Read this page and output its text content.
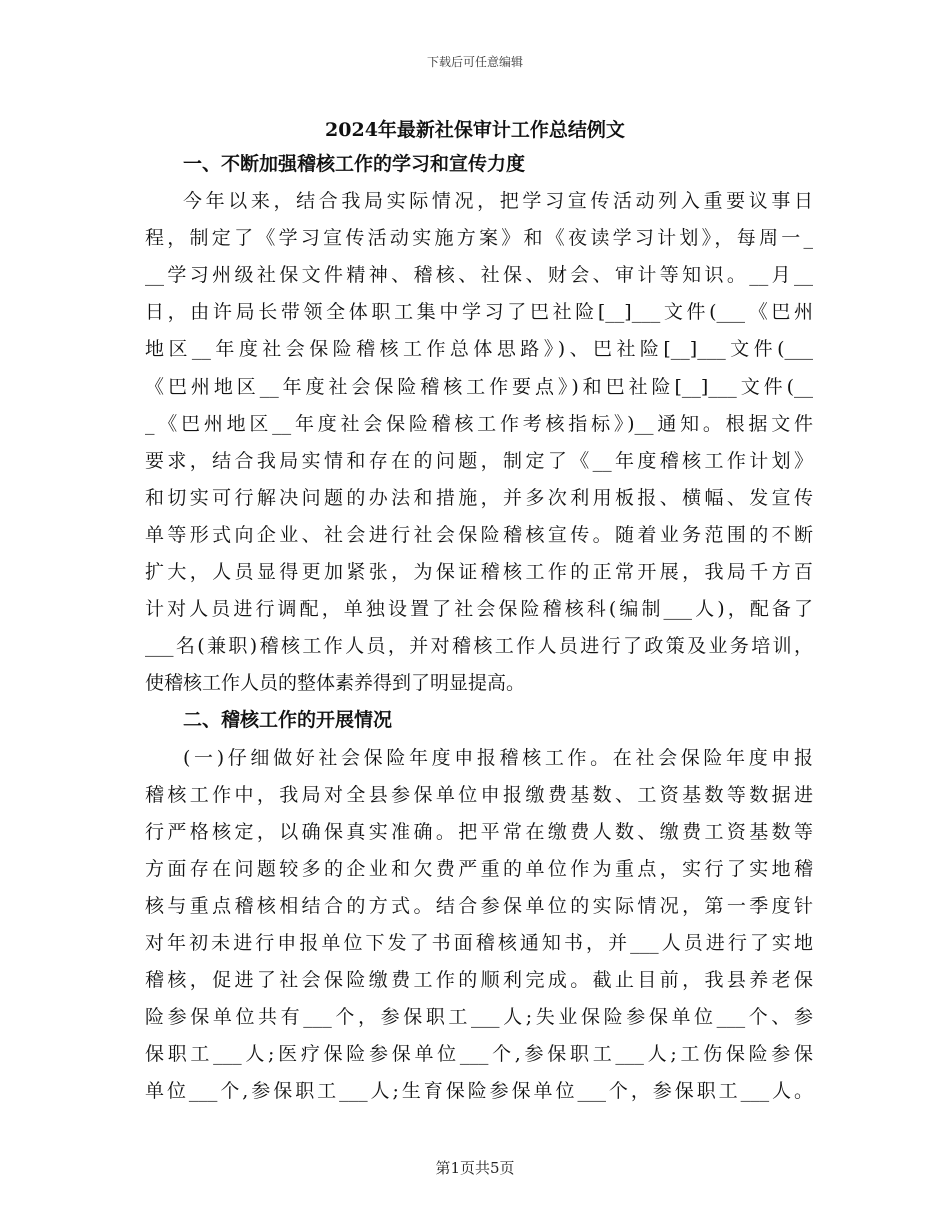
下载后可任意编辑
2024年最新社保审计工作总结例文
一、不断加强稽核工作的学习和宣传力度
今年以来，结合我局实际情况，把学习宣传活动列入重要议事日
程，制定了《学习宣传活动实施方案》和《夜读学习计划》，每周一_
__学习州级社保文件精神、稽核、社保、财会、审计等知识。__月__
日，由许局长带领全体职工集中学习了巴社险[__]___文件(___《巴州
地区__年度社会保险稽核工作总体思路》)、巴社险[__]___文件(___
《巴州地区__年度社会保险稽核工作要点》)和巴社险[__]___文件(__
_《巴州地区__年度社会保险稽核工作考核指标》)__通知。根据文件
要求，结合我局实情和存在的问题，制定了《__年度稽核工作计划》
和切实可行解决问题的办法和措施，并多次利用板报、横幅、发宣传
单等形式向企业、社会进行社会保险稽核宣传。随着业务范围的不断
扩大，人员显得更加紧张，为保证稽核工作的正常开展，我局千方百
计对人员进行调配，单独设置了社会保险稽核科(编制___人)，配备了
___名(兼职)稽核工作人员，并对稽核工作人员进行了政策及业务培训，
使稽核工作人员的整体素养得到了明显提高。
二、稽核工作的开展情况
(一)仔细做好社会保险年度申报稽核工作。在社会保险年度申报
稽核工作中，我局对全县参保单位申报缴费基数、工资基数等数据进
行严格核定，以确保真实准确。把平常在缴费人数、缴费工资基数等
方面存在问题较多的企业和欠费严重的单位作为重点，实行了实地稽
核与重点稽核相结合的方式。结合参保单位的实际情况，第一季度针
对年初未进行申报单位下发了书面稽核通知书，并___人员进行了实地
稽核，促进了社会保险缴费工作的顺利完成。截止目前，我县养老保
险参保单位共有___个，参保职工___人;失业保险参保单位___个、参
保职工___人;医疗保险参保单位___个,参保职工___人;工伤保险参保
单位___个,参保职工___人;生育保险参保单位___个，参保职工___人。
第1页共5页
